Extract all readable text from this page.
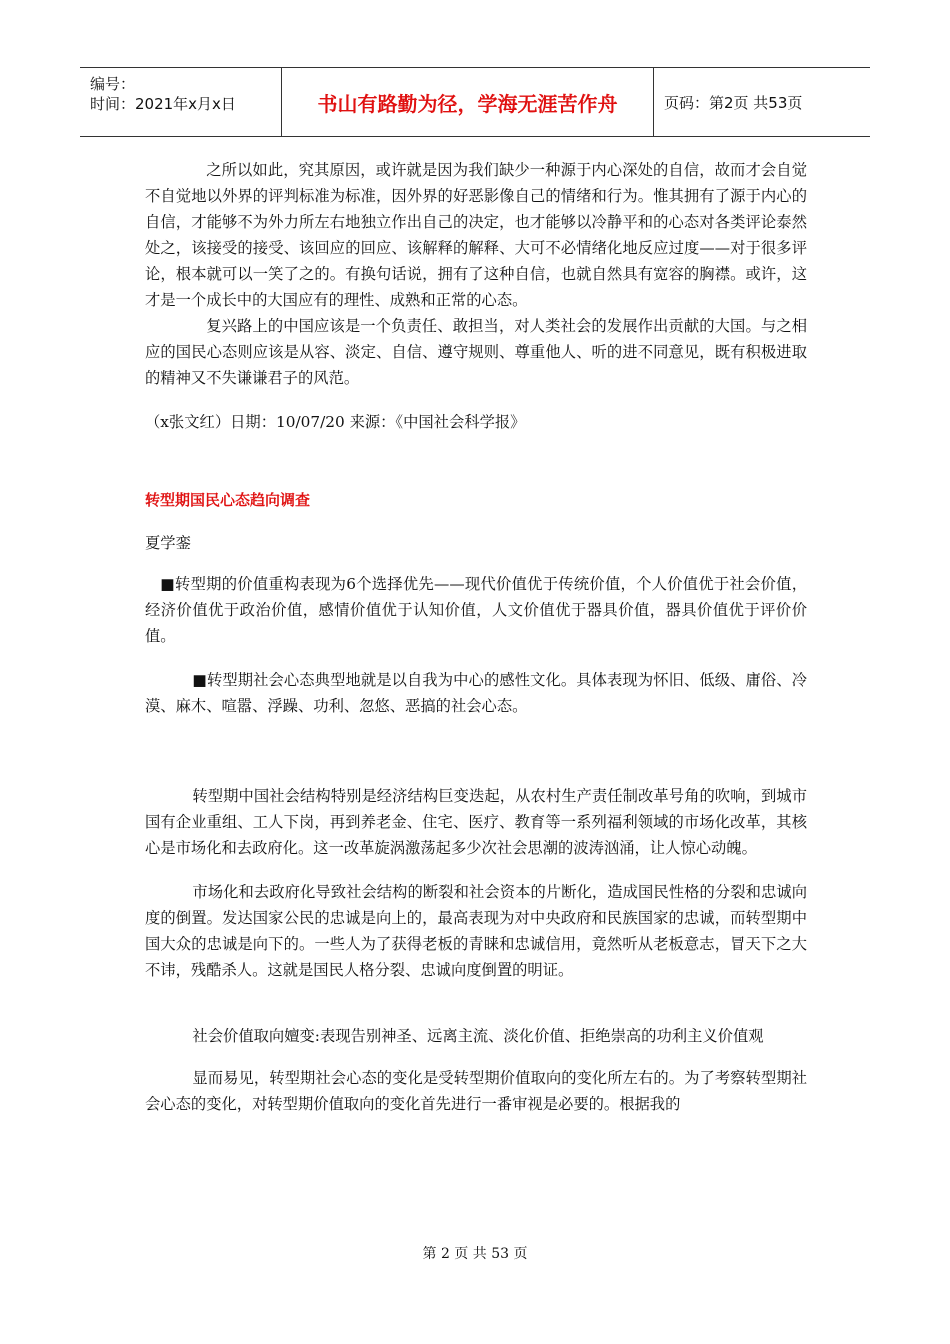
编号：
时间：2021年x月x日	书山有路勤为径，学海无涯苦作舟	页码：第2页 共53页

之所以如此，究其原因，或许就是因为我们缺少一种源于内心深处的自信，故而才会自觉不自觉地以外界的评判标准为标准，因外界的好恶影像自己的情绪和行为。惟其拥有了源于内心的自信，才能够不为外力所左右地独立作出自己的决定，也才能够以冷静平和的心态对各类评论泰然处之，该接受的接受、该回应的回应、该解释的解释、大可不必情绪化地反应过度——对于很多评论，根本就可以一笑了之的。有换句话说，拥有了这种自信，也就自然具有宽容的胸襟。或许，这才是一个成长中的大国应有的理性、成熟和正常的心态。

复兴路上的中国应该是一个负责任、敢担当，对人类社会的发展作出贡献的大国。与之相应的国民心态则应该是从容、淡定、自信、遵守规则、尊重他人、听的进不同意见，既有积极进取的精神又不失谦谦君子的风范。

（x张文红）日期：10/07/20 来源：《中国社会科学报》

转型期国民心态趋向调查

夏学銮

■转型期的价值重构表现为6个选择优先——现代价值优于传统价值，个人价值优于社会价值，经济价值优于政治价值，感情价值优于认知价值，人文价值优于器具价值，器具价值优于评价价值。

■转型期社会心态典型地就是以自我为中心的感性文化。具体表现为怀旧、低级、庸俗、冷漠、麻木、喧嚣、浮躁、功利、忽悠、恶搞的社会心态。

转型期中国社会结构特别是经济结构巨变迭起，从农村生产责任制改革号角的吹响，到城市国有企业重组、工人下岗，再到养老金、住宅、医疗、教育等一系列福利领域的市场化改革，其核心是市场化和去政府化。这一改革旋涡激荡起多少次社会思潮的波涛汹涌，让人惊心动魄。

市场化和去政府化导致社会结构的断裂和社会资本的片断化，造成国民性格的分裂和忠诚向度的倒置。发达国家公民的忠诚是向上的，最高表现为对中央政府和民族国家的忠诚，而转型期中国大众的忠诚是向下的。一些人为了获得老板的青睐和忠诚信用，竟然听从老板意志，冒天下之大不讳，残酷杀人。这就是国民人格分裂、忠诚向度倒置的明证。

社会价值取向嬗变:表现告别神圣、远离主流、淡化价值、拒绝崇高的功利主义价值观

显而易见，转型期社会心态的变化是受转型期价值取向的变化所左右的。为了考察转型期社会心态的变化，对转型期价值取向的变化首先进行一番审视是必要的。根据我的

第 2 页 共 53 页
